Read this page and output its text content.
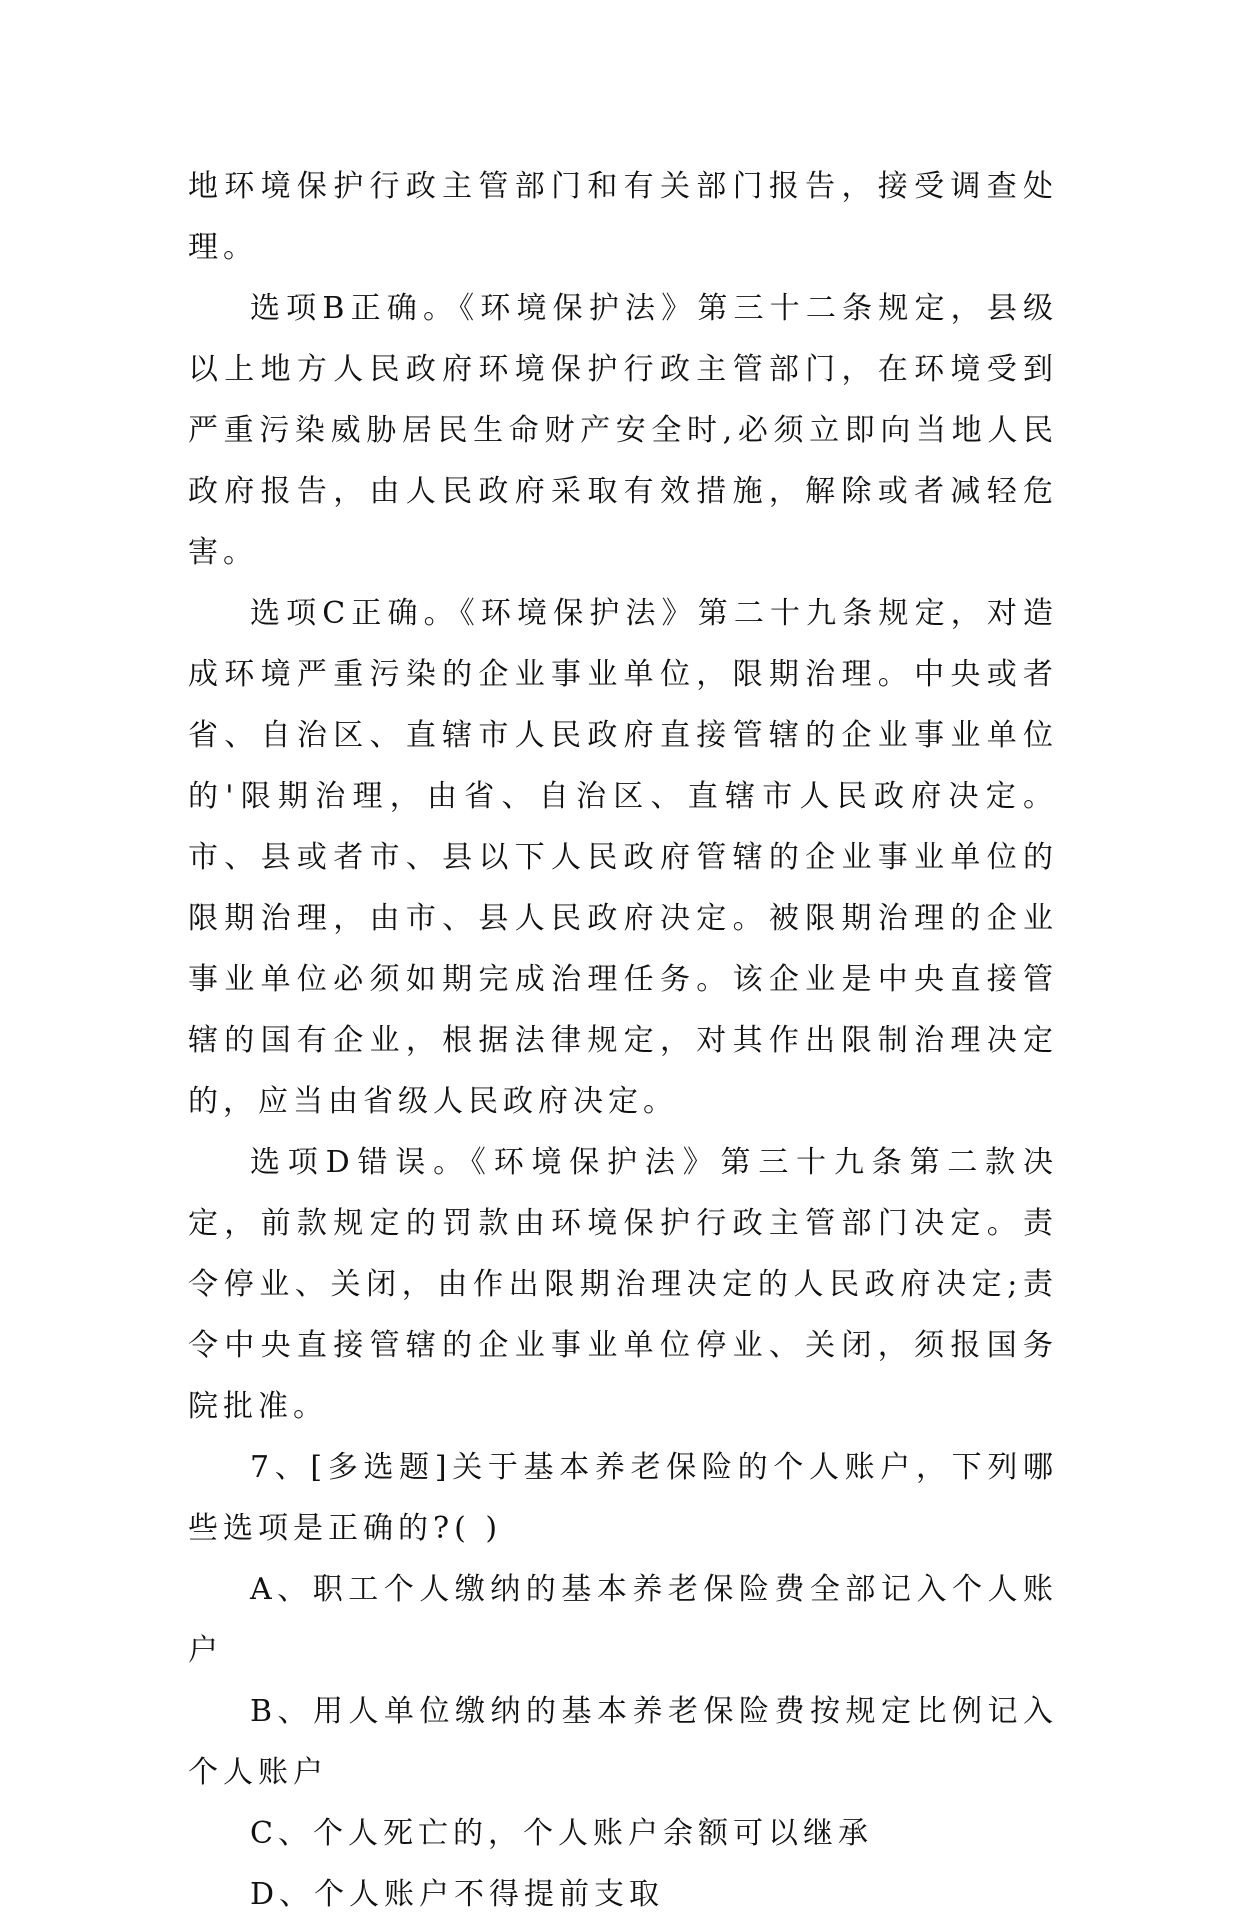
地环境保护行政主管部门和有关部门报告，接受调查处理。

选项B正确。《环境保护法》第三十二条规定，县级以上地方人民政府环境保护行政主管部门，在环境受到严重污染威胁居民生命财产安全时,必须立即向当地人民政府报告，由人民政府采取有效措施，解除或者减轻危害。

选项C正确。《环境保护法》第二十九条规定，对造成环境严重污染的企业事业单位，限期治理。中央或者省、自治区、直辖市人民政府直接管辖的企业事业单位的'限期治理，由省、自治区、直辖市人民政府决定。市、县或者市、县以下人民政府管辖的企业事业单位的限期治理，由市、县人民政府决定。被限期治理的企业事业单位必须如期完成治理任务。该企业是中央直接管辖的国有企业，根据法律规定，对其作出限制治理决定的，应当由省级人民政府决定。

选项D错误。《环境保护法》第三十九条第二款决定，前款规定的罚款由环境保护行政主管部门决定。责令停业、关闭，由作出限期治理决定的人民政府决定;责令中央直接管辖的企业事业单位停业、关闭，须报国务院批准。

7、[多选题]关于基本养老保险的个人账户，下列哪些选项是正确的?( )

A、职工个人缴纳的基本养老保险费全部记入个人账户

B、用人单位缴纳的基本养老保险费按规定比例记入个人账户

C、个人死亡的，个人账户余额可以继承

D、个人账户不得提前支取
